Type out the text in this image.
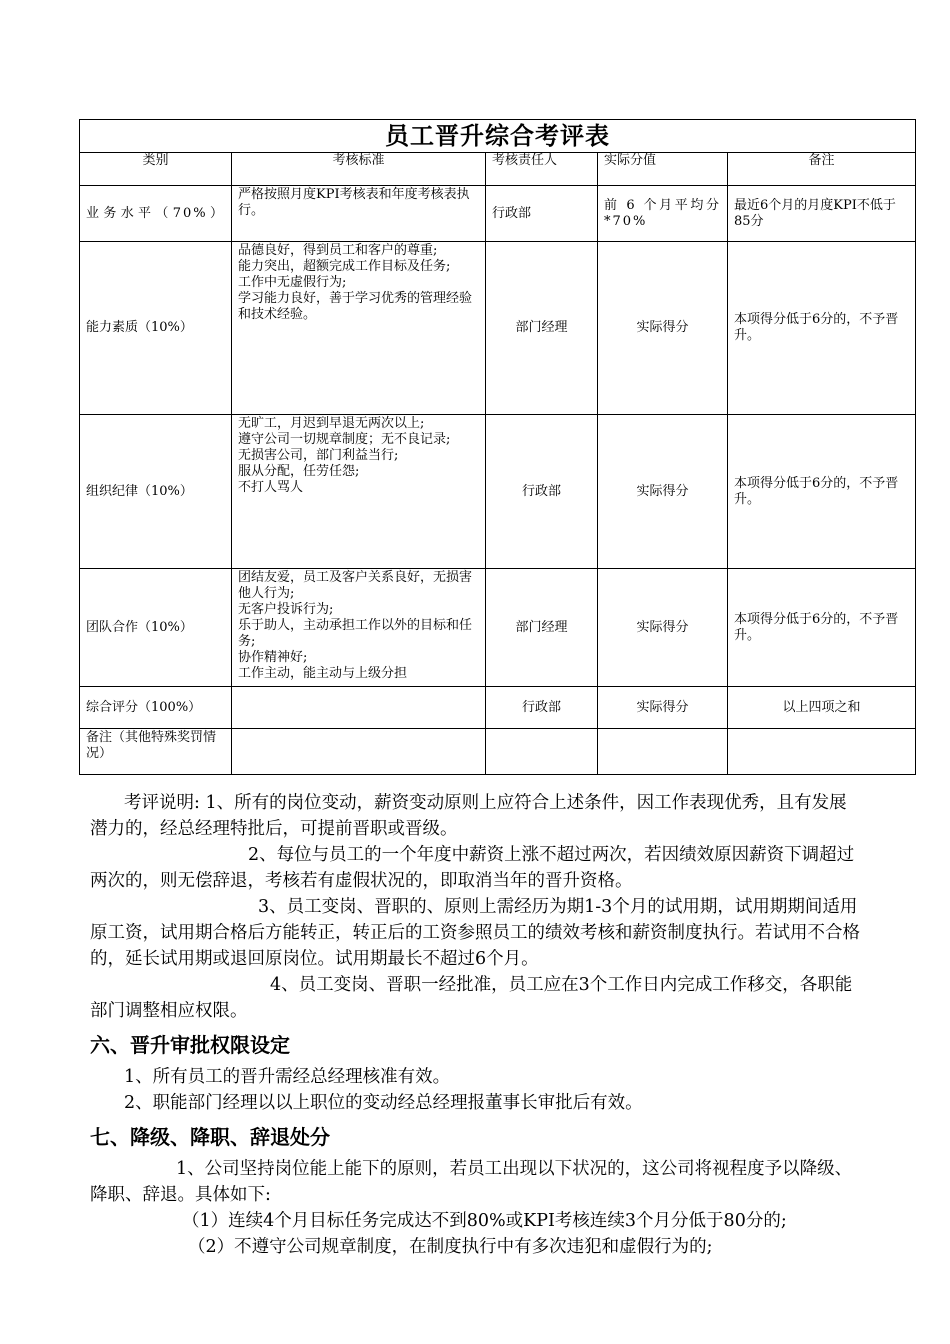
员工晋升综合考评表				
类别	考核标准	考核责任人	实际分值	备注
业务水平（70%）	严格按照月度KPI考核表和年度考核表执行。	行政部	前 6 个月平均分*70%	最近6个月的月度KPI不低于85分
能力素质（10%）	品德良好，得到员工和客户的尊重;
能力突出，超额完成工作目标及任务;
工作中无虚假行为;
学习能力良好，善于学习优秀的管理经验和技术经验。	部门经理	实际得分	本项得分低于6分的，不予晋升。
组织纪律（10%）	无旷工，月迟到早退无两次以上;
遵守公司一切规章制度；无不良记录;
无损害公司，部门利益当行;
服从分配，任劳任怨;
不打人骂人	行政部	实际得分	本项得分低于6分的，不予晋升。
团队合作（10%）	团结友爱，员工及客户关系良好，无损害他人行为;
无客户投诉行为;
乐于助人，主动承担工作以外的目标和任务;
协作精神好;
工作主动，能主动与上级分担	部门经理	实际得分	本项得分低于6分的，不予晋升。
综合评分（100%）		行政部	实际得分	以上四项之和
备注（其他特殊奖罚情况）				

考评说明: 1、所有的岗位变动，薪资变动原则上应符合上述条件，因工作表现优秀，且有发展潜力的，经总经理特批后，可提前晋职或晋级。

2、每位与员工的一个年度中薪资上涨不超过两次，若因绩效原因薪资下调超过两次的，则无偿辞退，考核若有虚假状况的，即取消当年的晋升资格。

3、员工变岗、晋职的、原则上需经历为期1-3个月的试用期，试用期期间适用原工资，试用期合格后方能转正，转正后的工资参照员工的绩效考核和薪资制度执行。若试用不合格的，延长试用期或退回原岗位。试用期最长不超过6个月。

4、员工变岗、晋职一经批准，员工应在3个工作日内完成工作移交，各职能部门调整相应权限。

六、晋升审批权限设定

1、所有员工的晋升需经总经理核准有效。

2、职能部门经理以以上职位的变动经总经理报董事长审批后有效。

七、降级、降职、辞退处分

1、公司坚持岗位能上能下的原则，若员工出现以下状况的，这公司将视程度予以降级、降职、辞退。具体如下:

（1）连续4个月目标任务完成达不到80%或KPI考核连续3个月分低于80分的;

（2）不遵守公司规章制度，在制度执行中有多次违犯和虚假行为的;
